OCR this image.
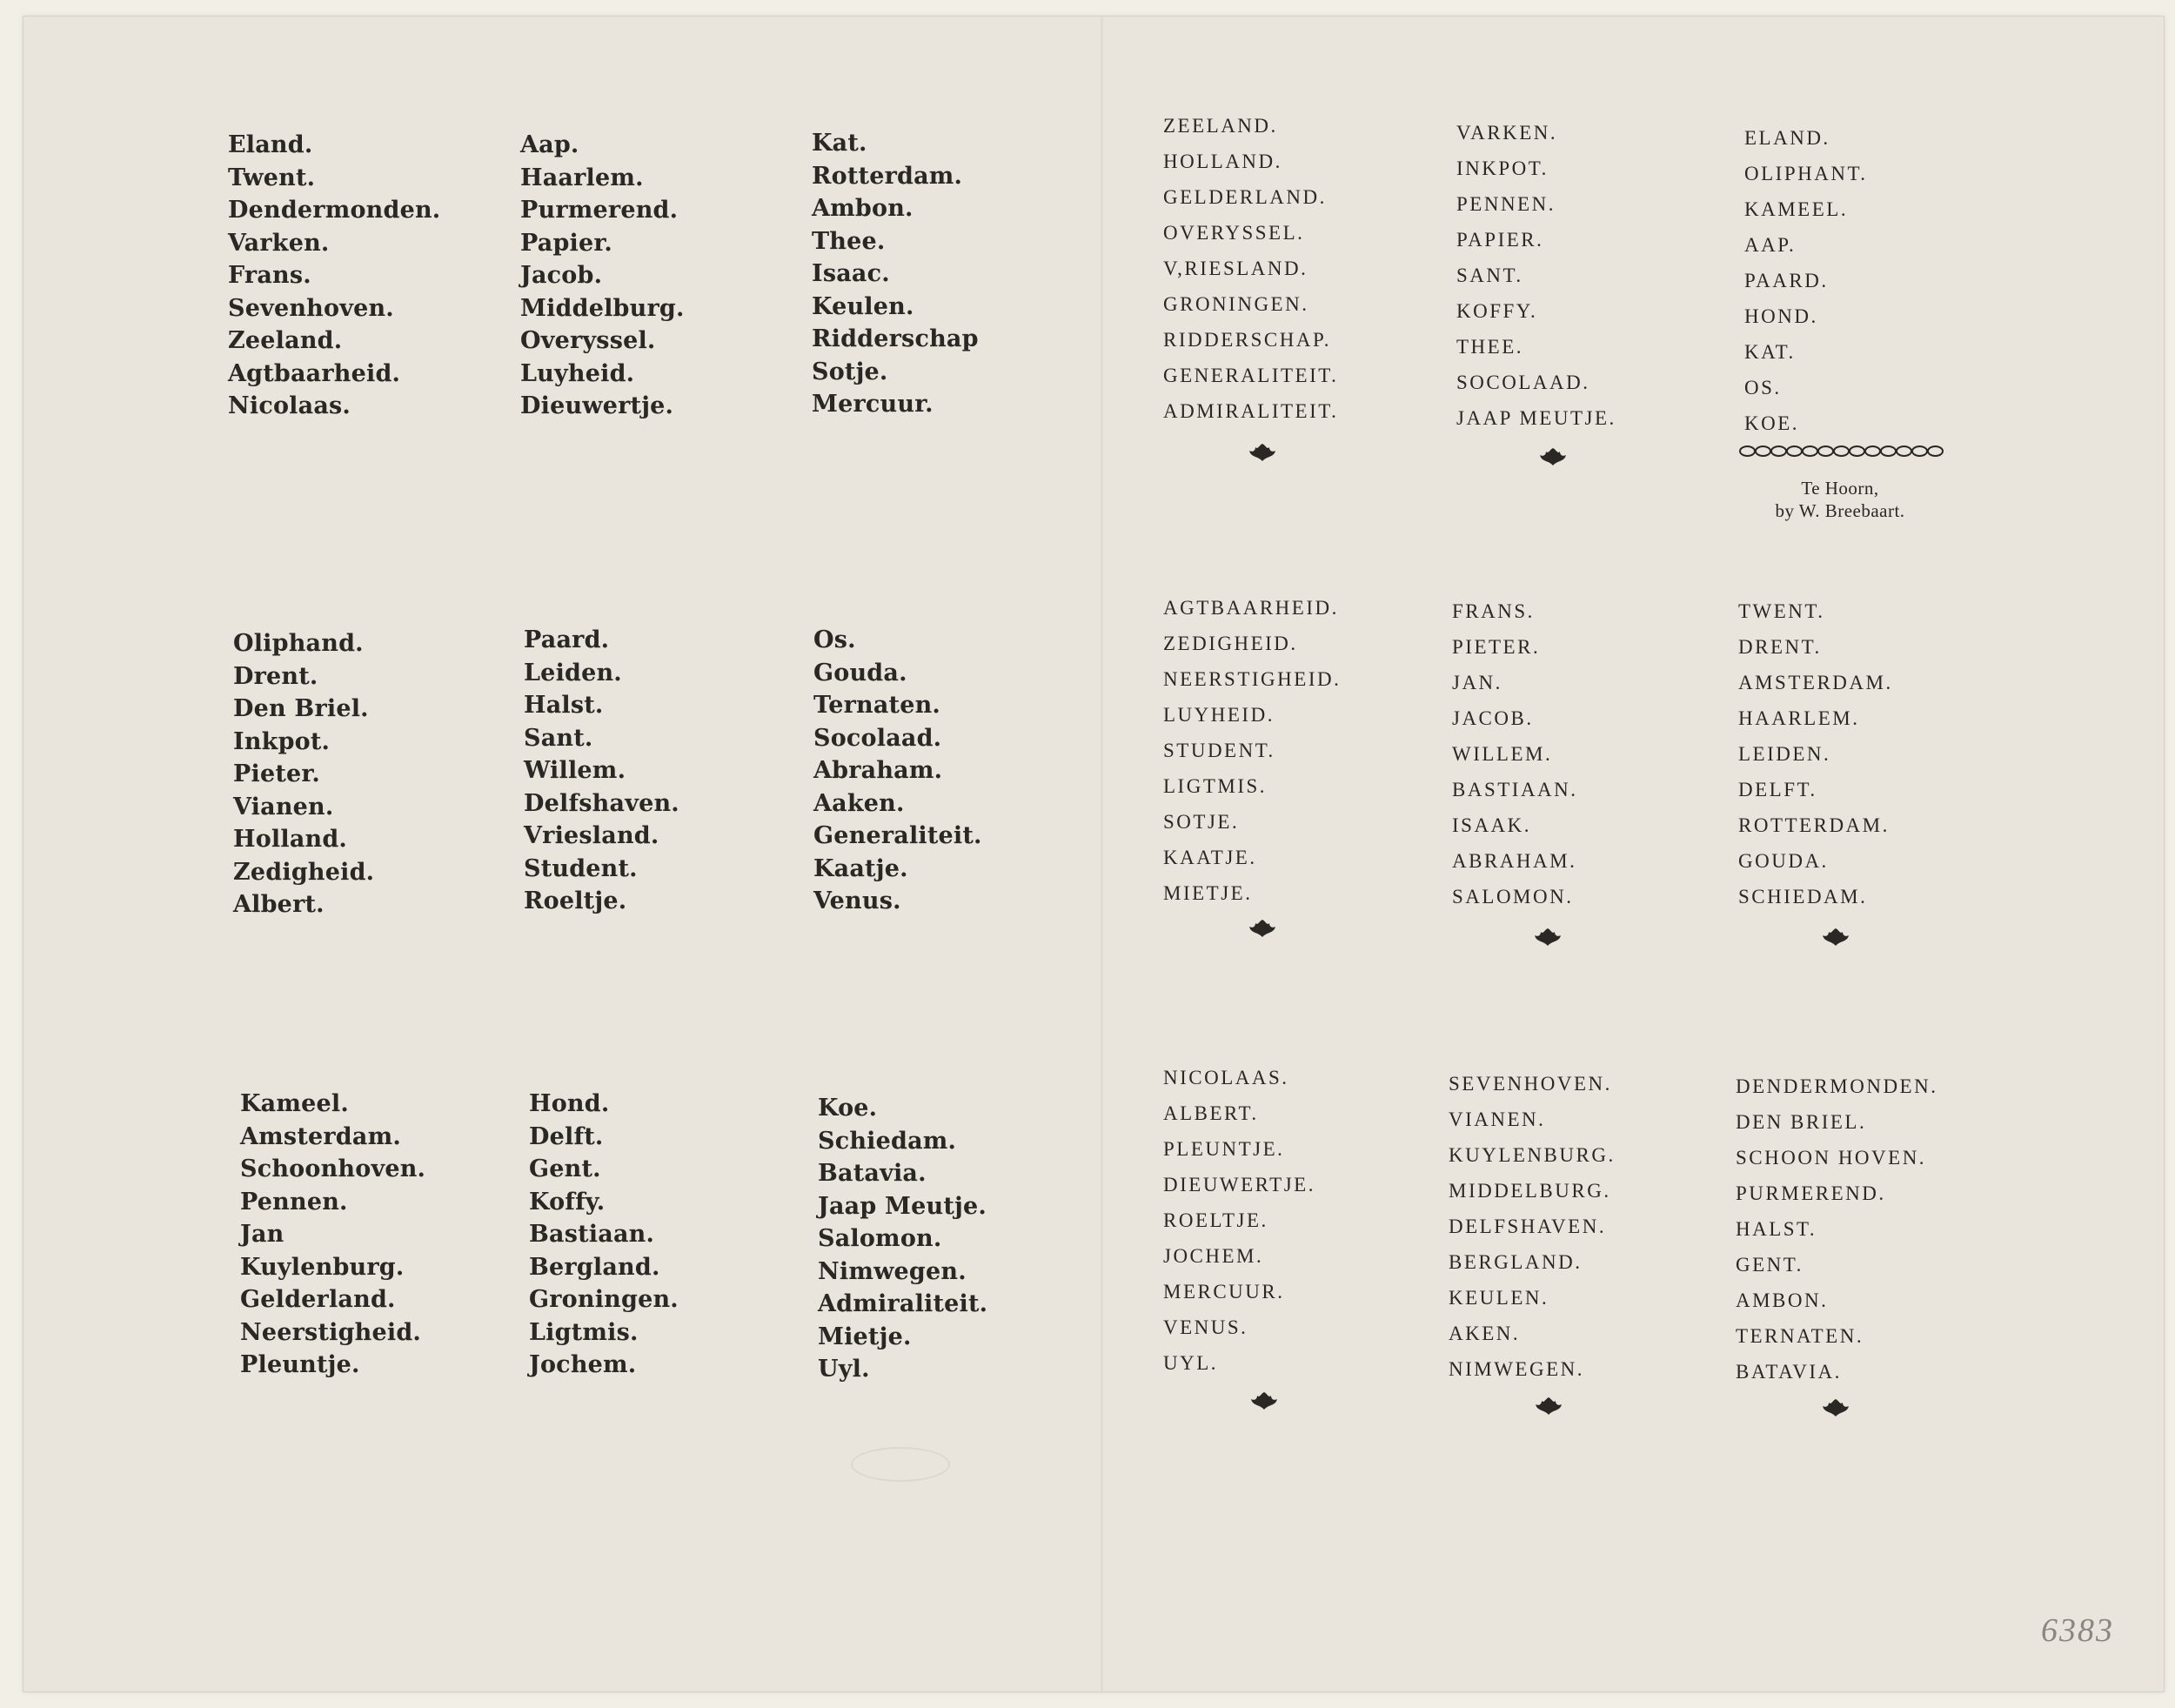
Eland.
Twent.
Dendermonden.
Varken.
Frans.
Sevenhoven.
Zeeland.
Agtbaarheid.
Nicolaas.
Aap.
Haarlem.
Purmerend.
Papier.
Jacob.
Middelburg.
Overyssel.
Luyheid.
Dieuwertje.
Kat.
Rotterdam.
Ambon.
Thee.
Isaac.
Keulen.
Ridderschap
Sotje.
Mercuur.
Oliphand.
Drent.
Den Briel.
Inkpot.
Pieter.
Vianen.
Holland.
Zedigheid.
Albert.
Paard.
Leiden.
Halst.
Sant.
Willem.
Delfshaven.
Vriesland.
Student.
Roeltje.
Os.
Gouda.
Ternaten.
Socolaad.
Abraham.
Aaken.
Generaliteit.
Kaatje.
Venus.
Kameel.
Amsterdam.
Schoonhoven.
Pennen.
Jan
Kuylenburg.
Gelderland.
Neerstigheid.
Pleuntje.
Hond.
Delft.
Gent.
Koffy.
Bastiaan.
Bergland.
Groningen.
Ligtmis.
Jochem.
Koe.
Schiedam.
Batavia.
Jaap Meutje.
Salomon.
Nimwegen.
Admiraliteit.
Mietje.
Uyl.
ZEELAND.
HOLLAND.
GELDERLAND.
OVERYSSEL.
V,RIESLAND.
GRONINGEN.
RIDDERSCHAP.
GENERALITEIT.
ADMIRALITEIT.
VARKEN.
INKPOT.
PENNEN.
PAPIER.
SANT.
KOFFY.
THEE.
SOCOLAAD.
JAAP MEUTJE.
ELAND.
OLIPHANT.
KAMEEL.
AAP.
PAARD.
HOND.
KAT.
OS.
KOE.
AGTBAARHEID.
ZEDIGHEID.
NEERSTIGHEID.
LUYHEID.
STUDENT.
LIGTMIS.
SOTJE.
KAATJE.
MIETJE.
FRANS.
PIETER.
JAN.
JACOB.
WILLEM.
BASTIAAN.
ISAAK.
ABRAHAM.
SALOMON.
TWENT.
DRENT.
AMSTERDAM.
HAARLEM.
LEIDEN.
DELFT.
ROTTERDAM.
GOUDA.
SCHIEDAM.
NICOLAAS.
ALBERT.
PLEUNTJE.
DIEUWERTJE.
ROELTJE.
JOCHEM.
MERCUUR.
VENUS.
UYL.
SEVENHOVEN.
VIANEN.
KUYLENBURG.
MIDDELBURG.
DELFSHAVEN.
BERGLAND.
KEULEN.
AKEN.
NIMWEGEN.
DENDERMONDEN.
DEN BRIEL.
SCHOON HOVEN.
PURMEREND.
HALST.
GENT.
AMBON.
TERNATEN.
BATAVIA.
Te Hoorn,
by W. Breebaart.
6383
